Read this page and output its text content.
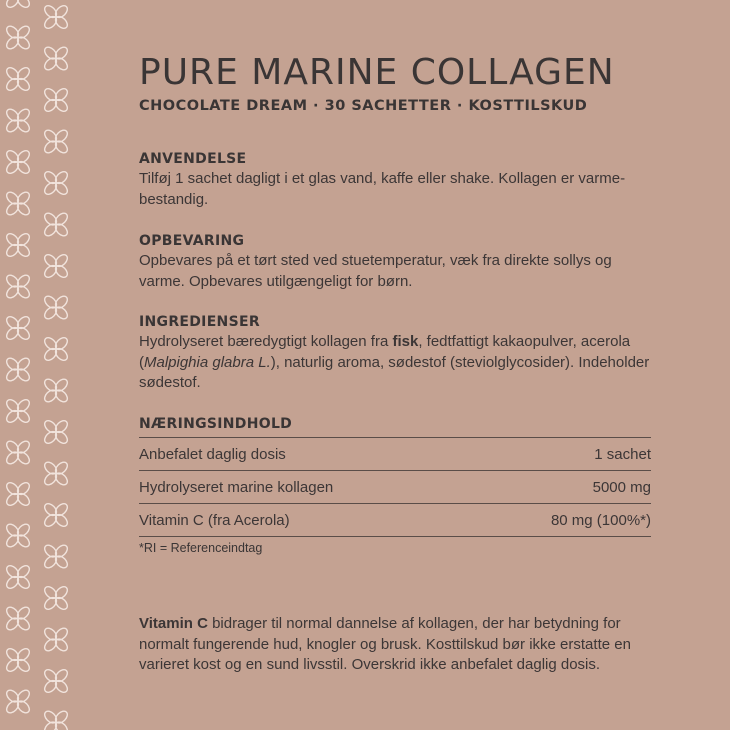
PURE MARINE COLLAGEN
CHOCOLATE DREAM · 30 SACHETTER · KOSTTILSKUD
ANVENDELSE

Tilføj 1 sachet dagligt i et glas vand, kaffe eller shake. Kollagen er varme-bestandig.

OPBEVARING

Opbevares på et tørt sted ved stuetemperatur, væk fra direkte sollys og varme. Opbevares utilgængeligt for børn.

INGREDIENSER

Hydrolyseret bæredygtigt kollagen fra fisk, fedtfattigt kakaopulver, acerola (Malpighia glabra L.), naturlig aroma, sødestof (steviolglycosider). Indeholder sødestof.

NÆRINGSINDHOLD
Anbefalet daglig dosis	1 sachet
Hydrolyseret marine kollagen	5000 mg
Vitamin C (fra Acerola)	80 mg (100%*)
*RI = Referenceindtag

Vitamin C bidrager til normal dannelse af kollagen, der har betydning for normalt fungerende hud, knogler og brusk. Kosttilskud bør ikke erstatte en varieret kost og en sund livsstil. Overskrid ikke anbefalet daglig dosis.
